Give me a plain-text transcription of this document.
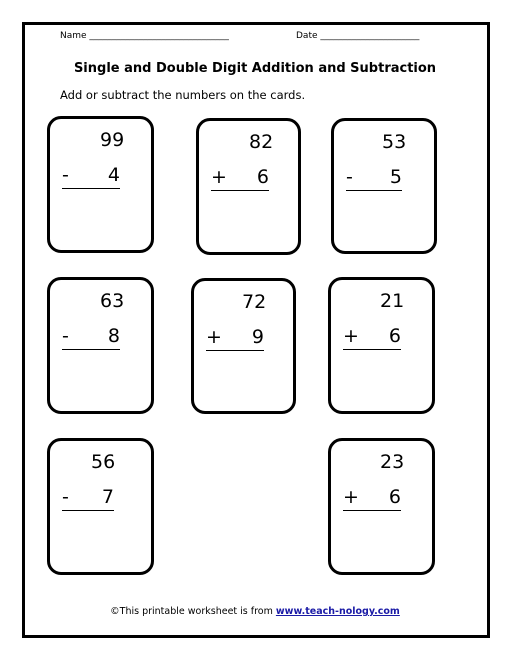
Name _______________________________	Date ______________________
Single and Double Digit Addition and Subtraction
Add or subtract the numbers on the cards.
99
- 4
82
+ 6
53
- 5
63
- 8
72
+ 9
21
+ 6
56
- 7
23
+ 6
©This printable worksheet is from www.teach-nology.com
